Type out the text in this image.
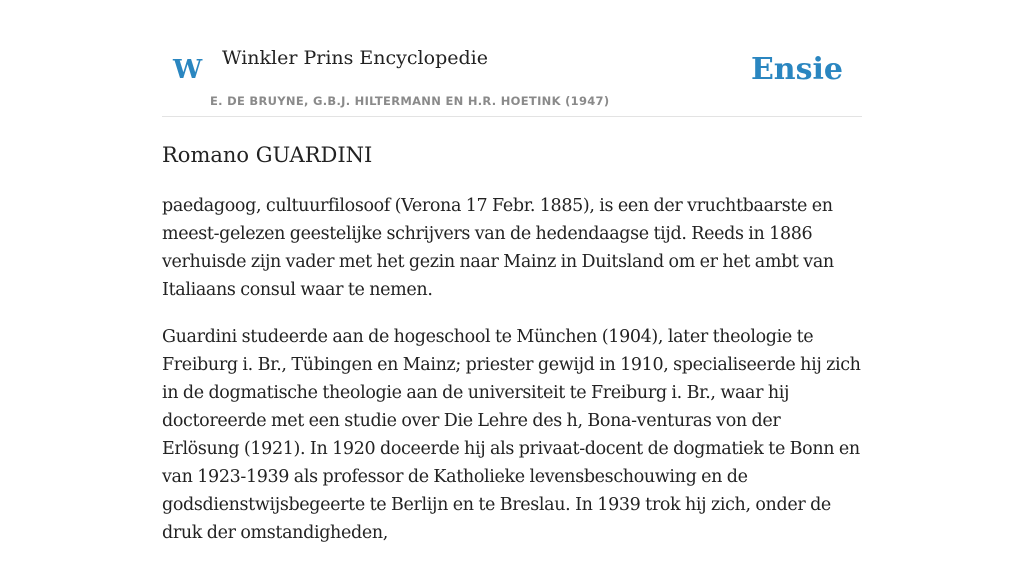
W Winkler Prins Encyclopedie
E. DE BRUYNE, G.B.J. HILTERMANN EN H.R. HOETINK (1947)
Ensie
Romano GUARDINI

paedagoog, cultuurfilosoof (Verona 17 Febr. 1885), is een der vruchtbaarste en meest-gelezen geestelijke schrijvers van de hedendaagse tijd. Reeds in 1886 verhuisde zijn vader met het gezin naar Mainz in Duitsland om er het ambt van Italiaans consul waar te nemen.

Guardini studeerde aan de hogeschool te München (1904), later theologie te Freiburg i. Br., Tübingen en Mainz; priester gewijd in 1910, specialiseerde hij zich in de dogmatische theologie aan de universiteit te Freiburg i. Br., waar hij doctoreerde met een studie over Die Lehre des h, Bona-venturas von der Erlösung (1921). In 1920 doceerde hij als privaat-docent de dogmatiek te Bonn en van 1923-1939 als professor de Katholieke levensbeschouwing en de godsdienstwijsbegeerte te Berlijn en te Breslau. In 1939 trok hij zich, onder de druk der omstandigheden,
